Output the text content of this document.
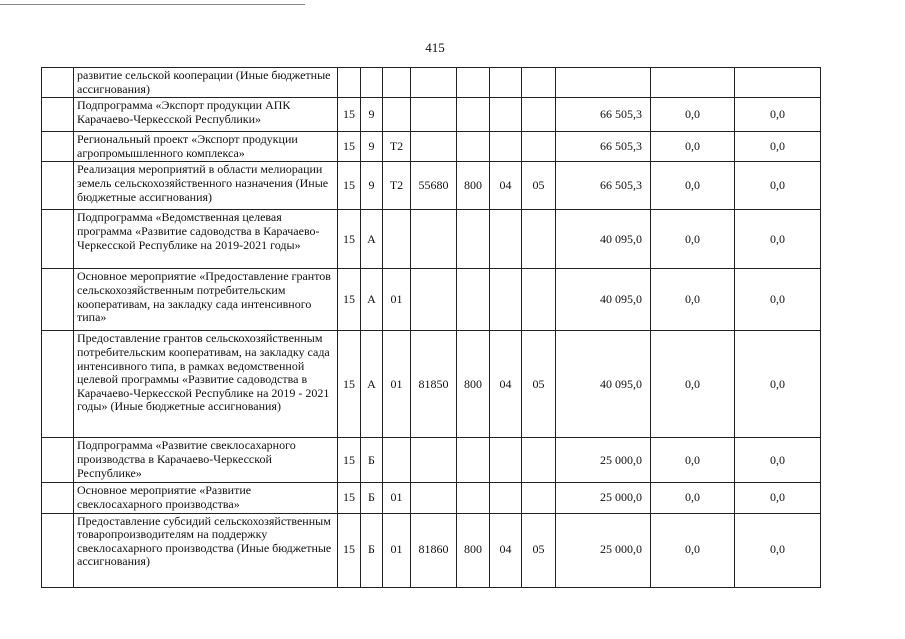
415
	развитие сельской кооперации (Иные бюджетные ассигнования)										
	Подпрограмма «Экспорт продукции АПК Карачаево-Черкесской Республики»	15	9						66 505,3	0,0	0,0
	Региональный проект «Экспорт продукции агропромышленного комплекса»	15	9	T2					66 505,3	0,0	0,0
	Реализация мероприятий в области мелиорации земель сельскохозяйственного назначения (Иные бюджетные ассигнования)	15	9	T2	55680	800	04	05	66 505,3	0,0	0,0
	Подпрограмма «Ведомственная целевая программа «Развитие садоводства в Карачаево-Черкесской Республике на 2019-2021 годы»	15	А						40 095,0	0,0	0,0
	Основное мероприятие «Предоставление грантов сельскохозяйственным потребительским кооперативам, на закладку сада интенсивного типа»	15	А	01					40 095,0	0,0	0,0
	Предоставление грантов сельскохозяйственным потребительским кооперативам, на закладку сада интенсивного типа, в рамках ведомственной целевой программы «Развитие садоводства в Карачаево-Черкесской Республике на 2019 - 2021 годы» (Иные бюджетные ассигнования)	15	А	01	81850	800	04	05	40 095,0	0,0	0,0
	Подпрограмма «Развитие свеклосахарного производства в Карачаево-Черкесской Республике»	15	Б						25 000,0	0,0	0,0
	Основное мероприятие «Развитие свеклосахарного производства»	15	Б	01					25 000,0	0,0	0,0
	Предоставление субсидий сельскохозяйственным товаропроизводителям на поддержку свеклосахарного производства (Иные бюджетные ассигнования)	15	Б	01	81860	800	04	05	25 000,0	0,0	0,0
